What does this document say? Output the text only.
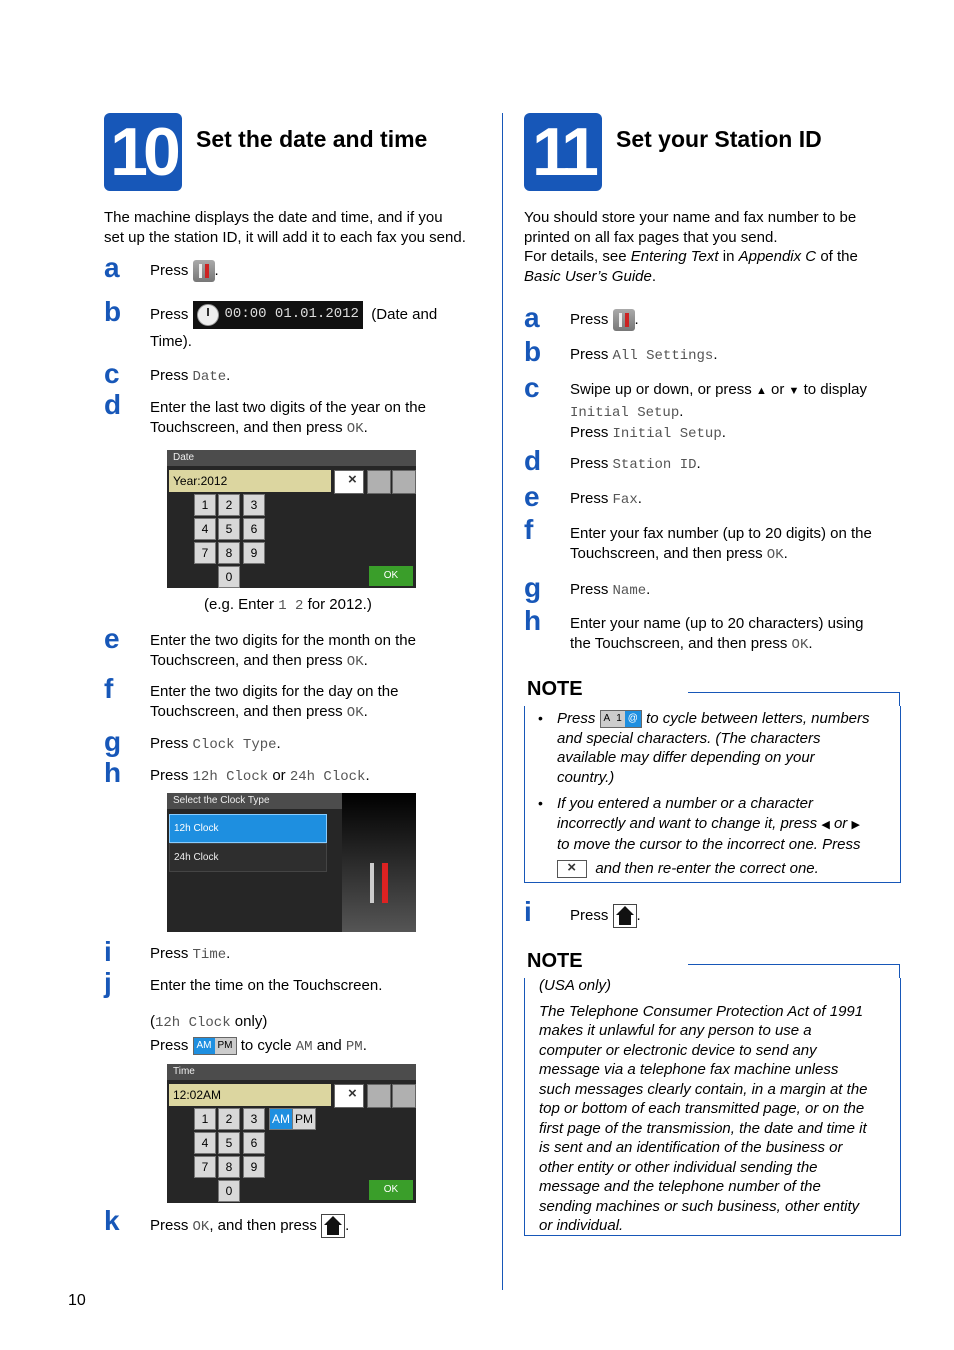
10 Set the date and time
The machine displays the date and time, and if you
set up the station ID, it will add it to each fax you send.
a Press .
b Press	00:00 01.01.2012 (Date and
Time).
c Press Date.
d Enter the last two digits of the year on the
Touchscreen, and then press OK.
Date
Year:2012
×
1	2	3
4	5	6
7	8	9
0	OK
(e.g. Enter 1 2 for 2012.)
e Enter the two digits for the month on the
Touchscreen, and then press OK.
f Enter the two digits for the day on the
Touchscreen, and then press OK.
g Press Clock Type.
h Press 12h Clock or 24h Clock.
Select the Clock Type
12h Clock
24h Clock
i	Press Time.
j	Enter the time on the Touchscreen.
(12h Clock only)
Press AM PM to cycle AM and PM.
Time
12:02AM
×
1	2	3	AM PM
4	5	6
7	8	9
0	OK
k Press OK, and then press .
11 Set your Station ID
You should store your name and fax number to be
printed on all fax pages that you send.
For details, see Entering Text in Appendix C of the
Basic User’s Guide.
a Press .
b Press All Settings.
c Swipe up or down, or press ▲ or ▼ to display
Initial Setup.
Press Initial Setup.
d Press Station ID.
e Press Fax.
f Enter your fax number (up to 20 digits) on the
Touchscreen, and then press OK.
g Press Name.
h Enter your name (up to 20 characters) using
the Touchscreen, and then press OK.
NOTE
• Press A 1 @ to cycle between letters, numbers
and special characters. (The characters
available may differ depending on your
country.)
• If you entered a number or a character
incorrectly and want to change it, press ◀ or ▶
to move the cursor to the incorrect one. Press
×  and then re-enter the correct one.
i	Press .
NOTE
(USA only)
The Telephone Consumer Protection Act of 1991
makes it unlawful for any person to use a
computer or electronic device to send any
message via a telephone fax machine unless
such messages clearly contain, in a margin at the
top or bottom of each transmitted page, or on the
first page of the transmission, the date and time it
is sent and an identification of the business or
other entity or other individual sending the
message and the telephone number of the
sending machines or such business, other entity
or individual.
10
